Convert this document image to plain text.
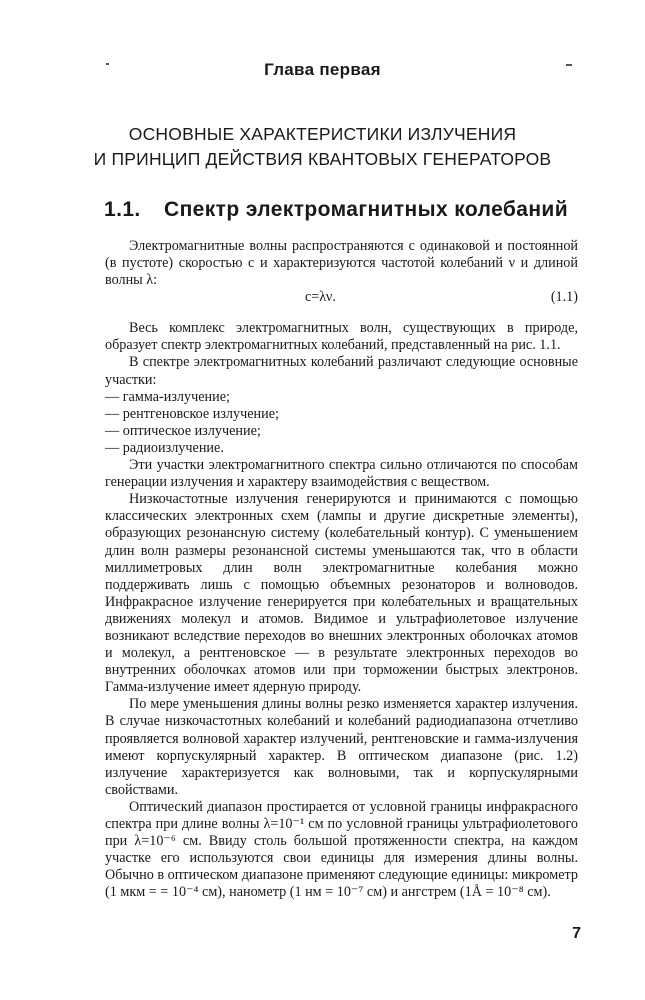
Глава первая
ОСНОВНЫЕ ХАРАКТЕРИСТИКИ ИЗЛУЧЕНИЯ
И ПРИНЦИП ДЕЙСТВИЯ КВАНТОВЫХ ГЕНЕРАТОРОВ
1.1. Спектр электромагнитных колебаний

Электромагнитные волны распространяются с одинаковой и постоянной (в пустоте) скоростью c и характеризуются частотой колебаний ν и длиной волны λ:

c=λν.	(1.1)

Весь комплекс электромагнитных волн, существующих в природе, образует спектр электромагнитных колебаний, представленный на рис. 1.1.

В спектре электромагнитных колебаний различают следующие основные участки:

— гамма-излучение;
— рентгеновское излучение;
— оптическое излучение;
— радиоизлучение.

Эти участки электромагнитного спектра сильно отличаются по способам генерации излучения и характеру взаимодействия с веществом.

Низкочастотные излучения генерируются и принимаются с помощью классических электронных схем (лампы и другие дискретные элементы), образующих резонансную систему (колебательный контур). С уменьшением длин волн размеры резонансной системы уменьшаются так, что в области миллиметровых длин волн электромагнитные колебания можно поддерживать лишь с помощью объемных резонаторов и волноводов. Инфракрасное излучение генерируется при колебательных и вращательных движениях молекул и атомов. Видимое и ультрафиолетовое излучение возникают вследствие переходов во внешних электронных оболочках атомов и молекул, а рентгеновское — в результате электронных переходов во внутренних оболочках атомов или при торможении быстрых электронов. Гамма-излучение имеет ядерную природу.

По мере уменьшения длины волны резко изменяется характер излучения. В случае низкочастотных колебаний и колебаний радиодиапазона отчетливо проявляется волновой характер излучений, рентгеновские и гамма-излучения имеют корпускулярный характер. В оптическом диапазоне (рис. 1.2) излучение характеризуется как волновыми, так и корпускулярными свойствами.

Оптический диапазон простирается от условной границы инфракрасного спектра при длине волны λ=10⁻¹ см по условной границы ультрафиолетового при λ=10⁻⁶ см. Ввиду столь большой протяженности спектра, на каждом участке его используются свои единицы для измерения длины волны. Обычно в оптическом диапазоне применяют следующие единицы: микрометр (1 мкм = = 10⁻⁴ см), нанометр (1 нм = 10⁻⁷ см) и ангстрем (1Å = 10⁻⁸ см).

7
